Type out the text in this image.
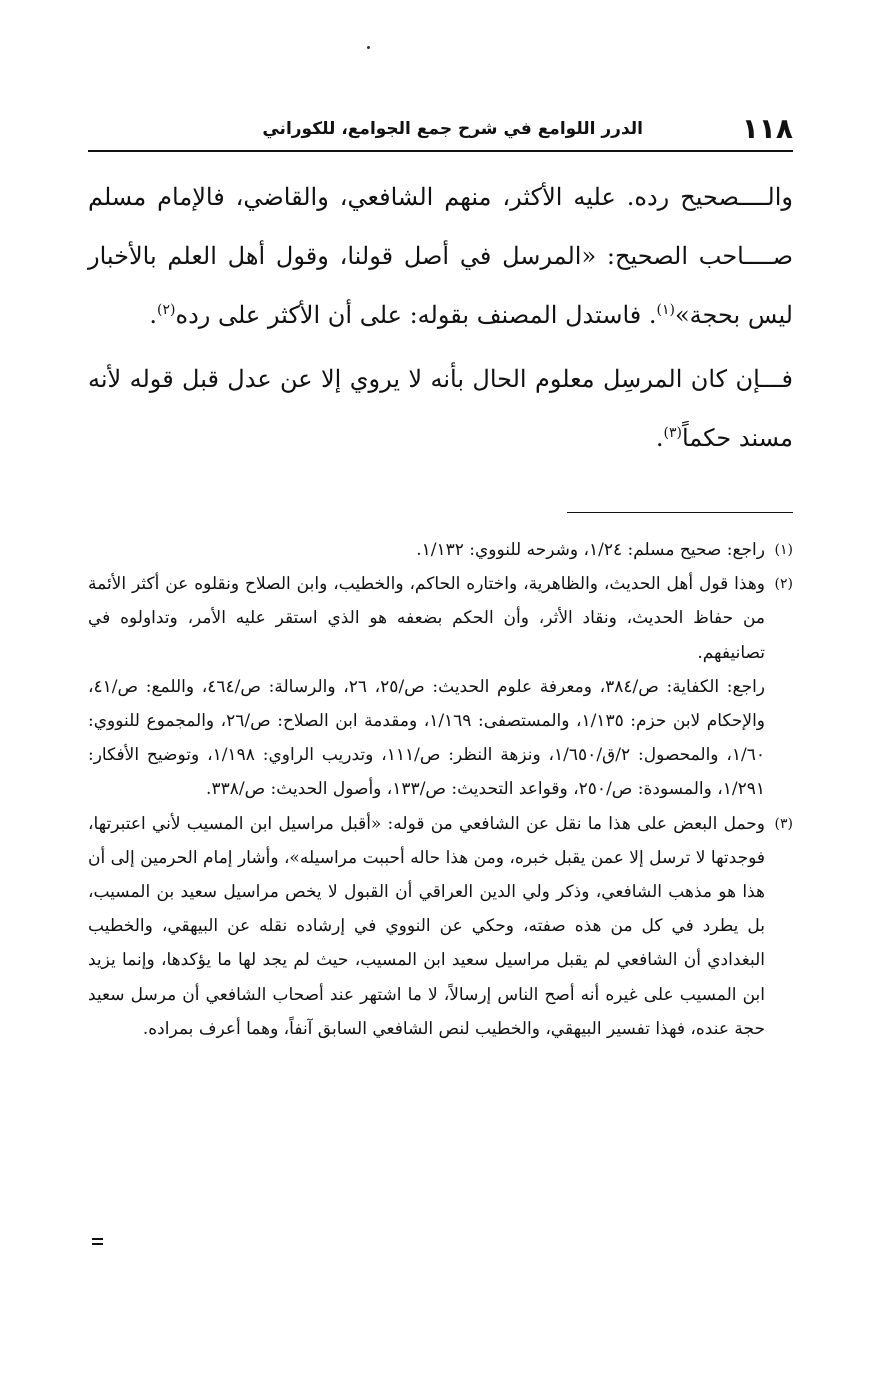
١١٨
الدرر اللوامع في شرح جمع الجوامع، للكوراني

والــــصحيح رده. عليه الأكثر، منهم الشافعي، والقاضي، فالإمام مسلم صــــاحب الصحيح: «المرسل في أصل قولنا، وقول أهل العلم بالأخبار ليس بحجة»$^{(١)}$. فاستدل المصنف بقوله: على أن الأكثر على رده$^{(٢)}$.

فـــإن كان المرسِل معلوم الحال بأنه لا يروي إلا عن عدل قبل قوله لأنه مسند حكماً$^{(٣)}$.

(١)

راجع: صحيح مسلم: ١/٢٤، وشرحه للنووي: ١/١٣٢.

(٢)

وهذا قول أهل الحديث، والظاهرية، واختاره الحاكم، والخطيب، وابن الصلاح ونقلوه عن أكثر الأئمة من حفاظ الحديث، ونقاد الأثر، وأن الحكم بضعفه هو الذي استقر عليه الأمر، وتداولوه في تصانيفهم.

راجع: الكفاية: ص/٣٨٤، ومعرفة علوم الحديث: ص/٢٥، ٢٦، والرسالة: ص/٤٦٤، واللمع: ص/٤١، والإحكام لابن حزم: ١/١٣٥، والمستصفى: ١/١٦٩، ومقدمة ابن الصلاح: ص/٢٦، والمجموع للنووي: ١/٦٠، والمحصول: ٢/ق/١/٦٥٠، ونزهة النظر: ص/١١١، وتدريب الراوي: ١/١٩٨، وتوضيح الأفكار: ١/٢٩١، والمسودة: ص/٢٥٠، وقواعد التحديث: ص/١٣٣، وأصول الحديث: ص/٣٣٨.

(٣)

وحمل البعض على هذا ما نقل عن الشافعي من قوله: «أقبل مراسيل ابن المسيب لأني اعتبرتها، فوجدتها لا ترسل إلا عمن يقبل خبره، ومن هذا حاله أحببت مراسيله»، وأشار إمام الحرمين إلى أن هذا هو مذهب الشافعي، وذكر ولي الدين العراقي أن القبول لا يخص مراسيل سعيد بن المسيب، بل يطرد في كل من هذه صفته، وحكي عن النووي في إرشاده نقله عن البيهقي، والخطيب البغدادي أن الشافعي لم يقبل مراسيل سعيد ابن المسيب، حيث لم يجد لها ما يؤكدها، وإنما يزيد ابن المسيب على غيره أنه أصح الناس إرسالاً، لا ما اشتهر عند أصحاب الشافعي أن مرسل سعيد حجة عنده، فهذا تفسير البيهقي، والخطيب لنص الشافعي السابق آنفاً، وهما أعرف بمراده.
